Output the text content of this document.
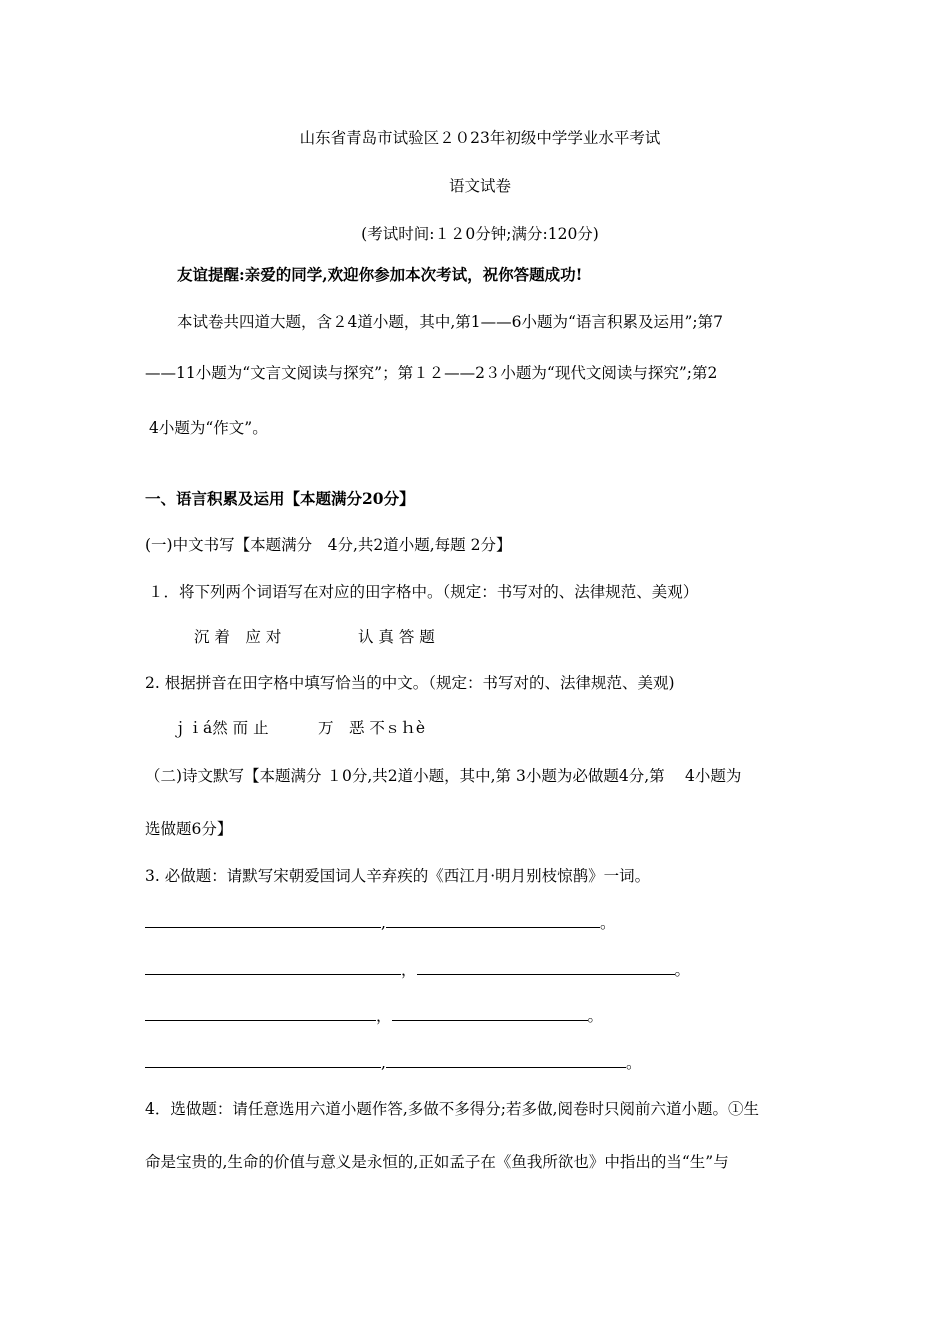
山东省青岛市试验区２０23年初级中学学业水平考试
语文试卷
(考试时间:１２0分钟;满分:120分)
友谊提醒:亲爱的同学,欢迎你参加本次考试，祝你答题成功!
本试卷共四道大题，含２4道小题，其中,第1——6小题为“语言积累及运用”;第7
——11小题为“文言文阅读与探究”；第１２——2３小题为“现代文阅读与探究”;第2
4小题为“作文”。
一、语言积累及运用【本题满分20分】
(一)中文书写【本题满分　4分,共2道小题,每题 2分】
１．将下列两个词语写在对应的田字格中。（规定：书写对的、法律规范、美观）
沉 着　应 对	认 真 答 题
2. 根据拼音在田字格中填写恰当的中文。（规定：书写对的、法律规范、美观)
ｊｉá然 而 止	万　恶 不ｓｈè
（二)诗文默写【本题满分 １0分,共2道小题，其中,第 3小题为必做题4分,第　 4小题为
选做题6分】
3. 必做题：请默写宋朝爱国词人辛弃疾的《西江月·明月别枝惊鹊》一词。
,	。
，	。
，	。
,	。
4．选做题：请任意选用六道小题作答,多做不多得分;若多做,阅卷时只阅前六道小题。①生
命是宝贵的,生命的价值与意义是永恒的,正如孟子在《鱼我所欲也》中指出的当“生”与
